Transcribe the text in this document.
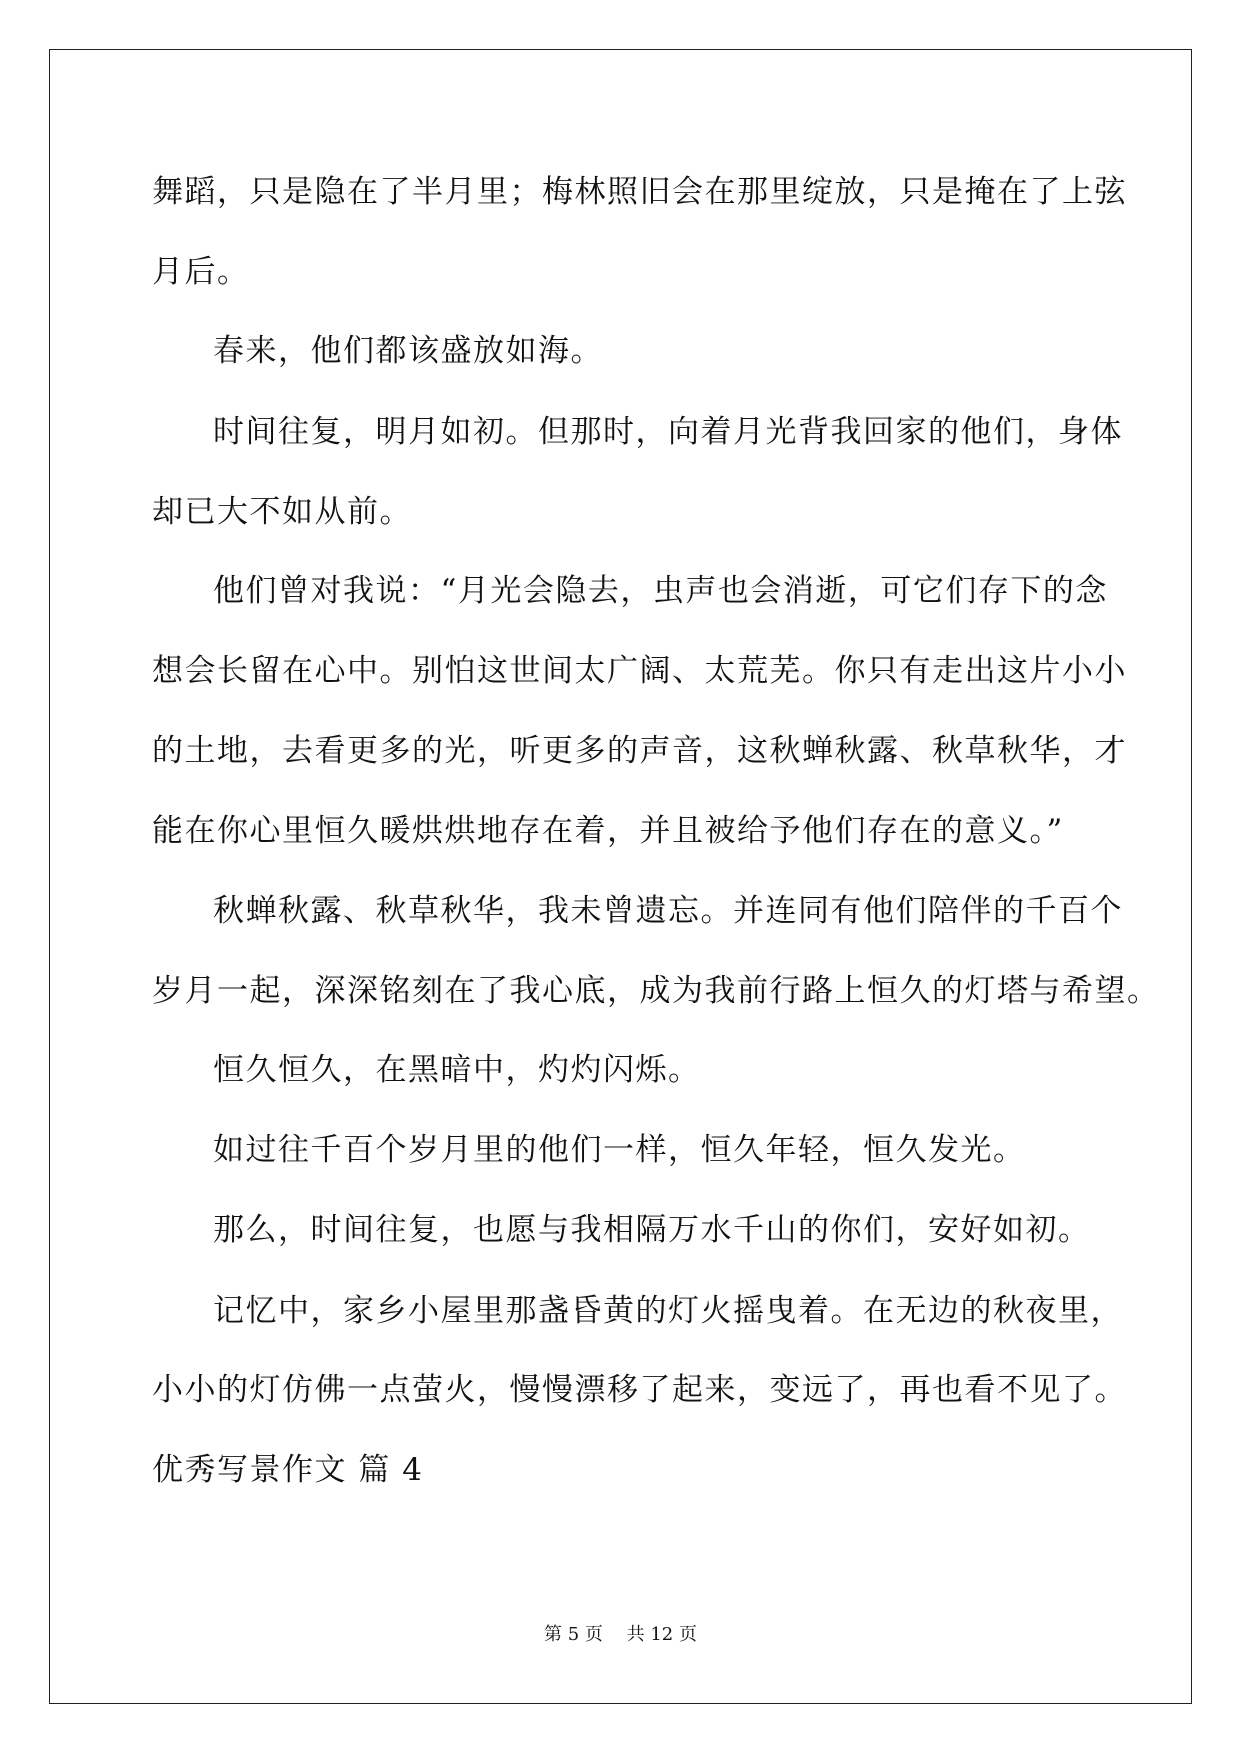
舞蹈，只是隐在了半月里；梅林照旧会在那里绽放，只是掩在了上弦

月后。

春来，他们都该盛放如海。

时间往复，明月如初。但那时，向着月光背我回家的他们，身体

却已大不如从前。

他们曾对我说：“月光会隐去，虫声也会消逝，可它们存下的念

想会长留在心中。别怕这世间太广阔、太荒芜。你只有走出这片小小

的土地，去看更多的光，听更多的声音，这秋蝉秋露、秋草秋华，才

能在你心里恒久暖烘烘地存在着，并且被给予他们存在的意义。”

秋蝉秋露、秋草秋华，我未曾遗忘。并连同有他们陪伴的千百个

岁月一起，深深铭刻在了我心底，成为我前行路上恒久的灯塔与希望。

恒久恒久，在黑暗中，灼灼闪烁。

如过往千百个岁月里的他们一样，恒久年轻，恒久发光。

那么，时间往复，也愿与我相隔万水千山的你们，安好如初。

记忆中，家乡小屋里那盏昏黄的灯火摇曳着。在无边的秋夜里，

小小的灯仿佛一点萤火，慢慢漂移了起来，变远了，再也看不见了。

优秀写景作文 篇 4
第 5 页　 共 12 页
